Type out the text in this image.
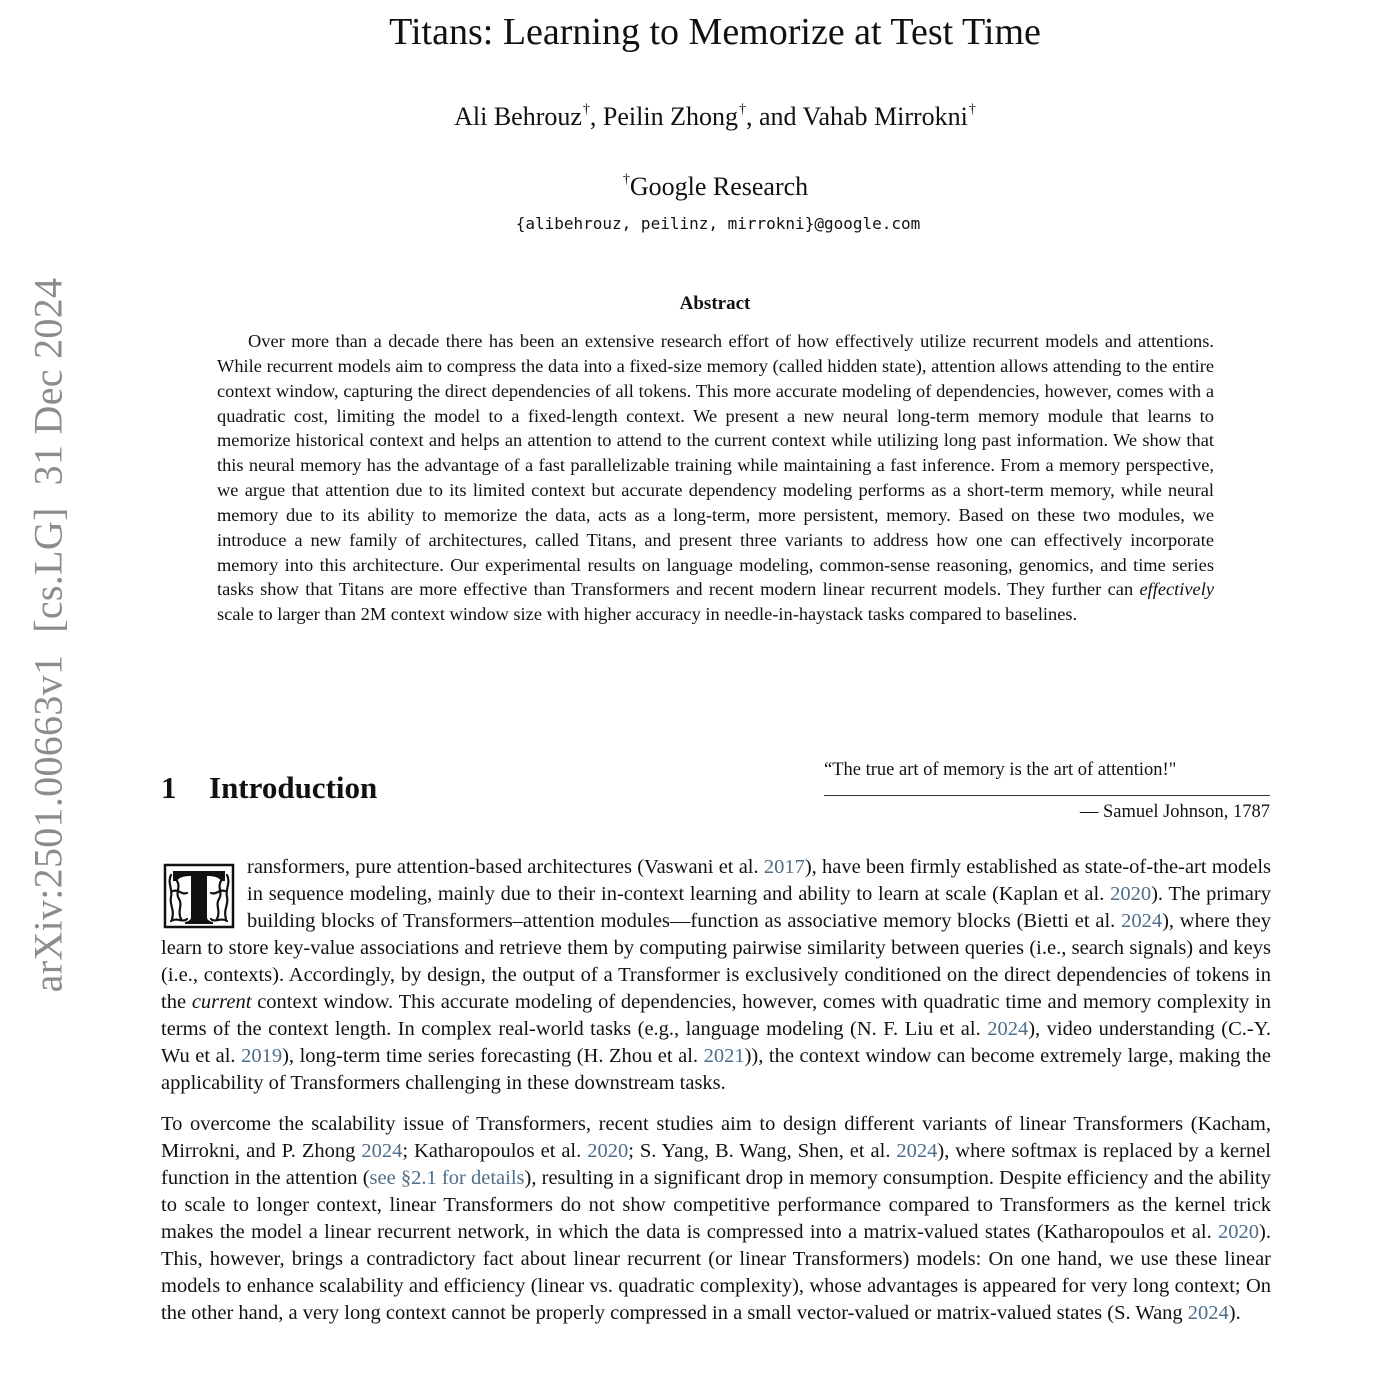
arXiv:2501.00663v1[cs.LG]31 Dec 2024
Titans: Learning to Memorize at Test Time
Ali Behrouz†, Peilin Zhong†, and Vahab Mirrokni†
†Google Research
{alibehrouz, peilinz, mirrokni}@google.com
Abstract
Over more than a decade there has been an extensive research effort of how effectively utilize recurrent models and attentions. While recurrent models aim to compress the data into a fixed-size memory (called hidden state), attention allows attending to the entire context window, capturing the direct dependencies of all tokens. This more accurate modeling of dependencies, however, comes with a quadratic cost, limiting the model to a fixed-length context. We present a new neural long-term memory module that learns to memorize historical context and helps an attention to attend to the current context while utilizing long past information. We show that this neural memory has the advantage of a fast parallelizable training while maintaining a fast inference. From a memory perspective, we argue that attention due to its limited context but accurate dependency modeling performs as a short-term memory, while neural memory due to its ability to memorize the data, acts as a long-term, more persistent, memory. Based on these two modules, we introduce a new family of architectures, called Titans, and present three variants to address how one can effectively incorporate memory into this architecture. Our experimental results on language modeling, common-sense reasoning, genomics, and time series tasks show that Titans are more effective than Transformers and recent modern linear recurrent models. They further can effectively scale to larger than 2M context window size with higher accuracy in needle-in-haystack tasks compared to baselines.
“The true art of memory is the art of attention!"
— Samuel Johnson, 1787
1 Introduction

T	ransformers, pure attention-based architectures (Vaswani et al. 2017), have been firmly established as state-of-the-art models in sequence modeling, mainly due to their in-context learning and ability to learn at scale (Kaplan et al. 2020). The primary building blocks of Transformers–attention modules—function as associative memory blocks (Bietti et al. 2024), where they learn to store key-value associations and retrieve them by computing pairwise similarity between queries (i.e., search signals) and keys (i.e., contexts). Accordingly, by design, the output of a Transformer is exclusively conditioned on the direct dependencies of tokens in the current context window. This accurate modeling of dependencies, however, comes with quadratic time and memory complexity in terms of the context length. In complex real-world tasks (e.g., language modeling (N. F. Liu et al. 2024), video understanding (C.-Y. Wu et al. 2019), long-term time series forecasting (H. Zhou et al. 2021)), the context window can become extremely large, making the applicability of Transformers challenging in these downstream tasks.

To overcome the scalability issue of Transformers, recent studies aim to design different variants of linear Transformers (Kacham, Mirrokni, and P. Zhong 2024; Katharopoulos et al. 2020; S. Yang, B. Wang, Shen, et al. 2024), where softmax is replaced by a kernel function in the attention (see §2.1 for details), resulting in a significant drop in memory consumption. Despite efficiency and the ability to scale to longer context, linear Transformers do not show competitive performance compared to Transformers as the kernel trick makes the model a linear recurrent network, in which the data is compressed into a matrix-valued states (Katharopoulos et al. 2020). This, however, brings a contradictory fact about linear recurrent (or linear Transformers) models: On one hand, we use these linear models to enhance scalability and efficiency (linear vs. quadratic complexity), whose advantages is appeared for very long context; On the other hand, a very long context cannot be properly compressed in a small vector-valued or matrix-valued states (S. Wang 2024).
